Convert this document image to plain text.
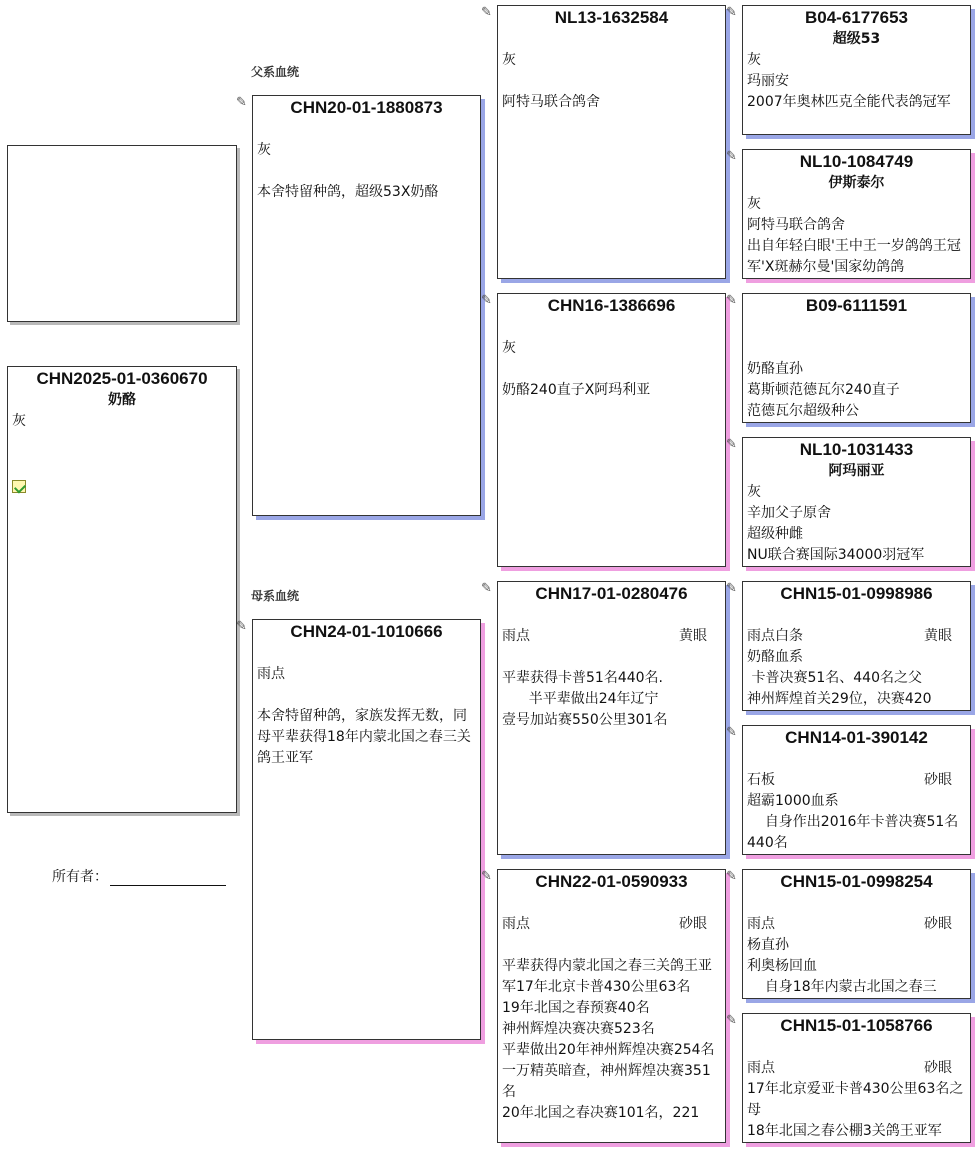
CHN2025-01-0360670
奶酪
灰
所有者：
父系血统
母系血统
✎	CHN20-01-1880873
灰
本舍特留种鸽，超级53X奶酪
✎	CHN24-01-1010666
雨点
本舍特留种鸽，家族发挥无数，同母平辈获得18年内蒙北国之春三关鸽王亚军
✎	NL13-1632584
灰
阿特马联合鸽舍
✎	CHN16-1386696
灰
奶酪240直子X阿玛利亚
✎	CHN17-01-0280476
雨点	黄眼
平辈获得卡普51名440名.
半平辈做出24年辽宁壹号加站赛550公里301名
✎	CHN22-01-0590933
雨点	砂眼
平辈获得内蒙北国之春三关鸽王亚军17年北京卡普430公里63名
19年北国之春预赛40名
神州辉煌决赛决赛523名
平辈做出20年神州辉煌决赛254名一万精英暗查，神州辉煌决赛351名
20年北国之春决赛101名，221
✎	B04-6177653
超级53
灰
玛丽安
2007年奥林匹克全能代表鸽冠军
✎	NL10-1084749
伊斯泰尔
灰
阿特马联合鸽舍
出自年轻白眼'王中王一岁鸽鸽王冠军'X斑赫尔曼'国家幼鸽鸽
✎	B09-6111591
奶酪直孙
葛斯顿范德瓦尔240直子
范德瓦尔超级种公
✎	NL10-1031433
阿玛丽亚
灰
辛加父子原舍
超级种雌
NU联合赛国际34000羽冠军
✎	CHN15-01-0998986
雨点白条	黄眼
奶酪血系
卡普决赛51名、440名之父
神州辉煌首关29位，决赛420
✎	CHN14-01-390142
石板	砂眼
超霸1000血系
自身作出2016年卡普决赛51名 440名
✎	CHN15-01-0998254
雨点	砂眼
杨直孙
利奥杨回血
自身18年内蒙古北国之春三
✎	CHN15-01-1058766
雨点	砂眼
17年北京爱亚卡普430公里63名之母
18年北国之春公棚3关鸽王亚军
